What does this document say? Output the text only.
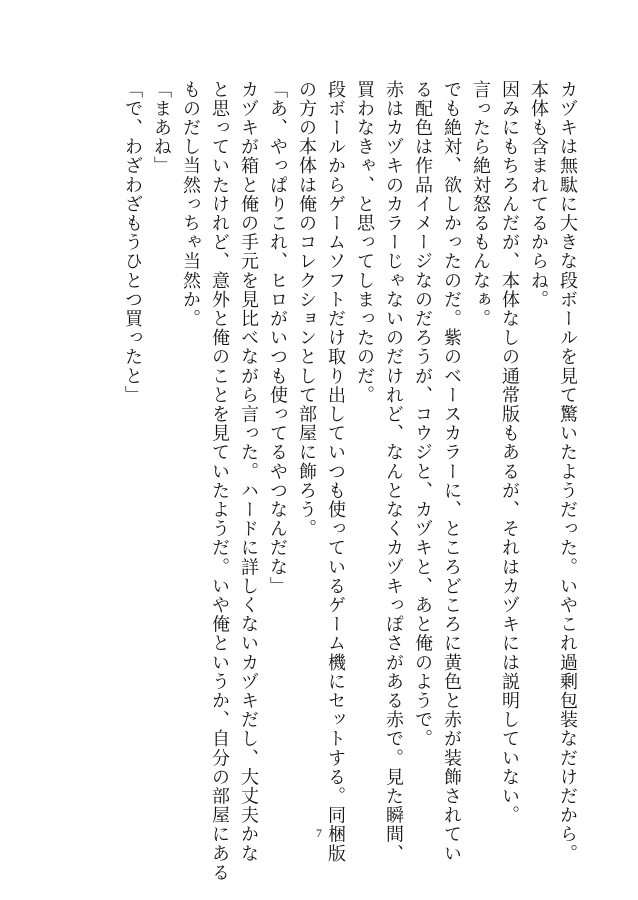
カヅキは無駄に大きな段ボールを見て驚いたようだった。いやこれ過剰包装なだけだから。
本体も含まれてるからね。
因みにもちろんだが、本体なしの通常版もあるが、それはカヅキには説明していない。
言ったら絶対怒るもんなぁ。
でも絶対、欲しかったのだ。紫のベースカラーに、ところどころに黄色と赤が装飾されてい
る配色は作品イメージなのだろうが、コウジと、カヅキと、あと俺のようで。
赤はカヅキのカラーじゃないのだけれど、なんとなくカヅキっぽさがある赤で。見た瞬間、
買わなきゃ、と思ってしまったのだ。
段ボールからゲームソフトだけ取り出していつも使っているゲーム機にセットする。同梱版
の方の本体は俺のコレクションとして部屋に飾ろう。
「あ、やっぱりこれ、ヒロがいつも使ってるやつなんだな」
カヅキが箱と俺の手元を見比べながら言った。ハードに詳しくないカヅキだし、大丈夫かな
と思っていたけれど、意外と俺のことを見ていたようだ。いや俺というか、自分の部屋にある
ものだし当然っちゃ当然か。
「まあね」
「で、わざわざもうひとつ買ったと」
7
